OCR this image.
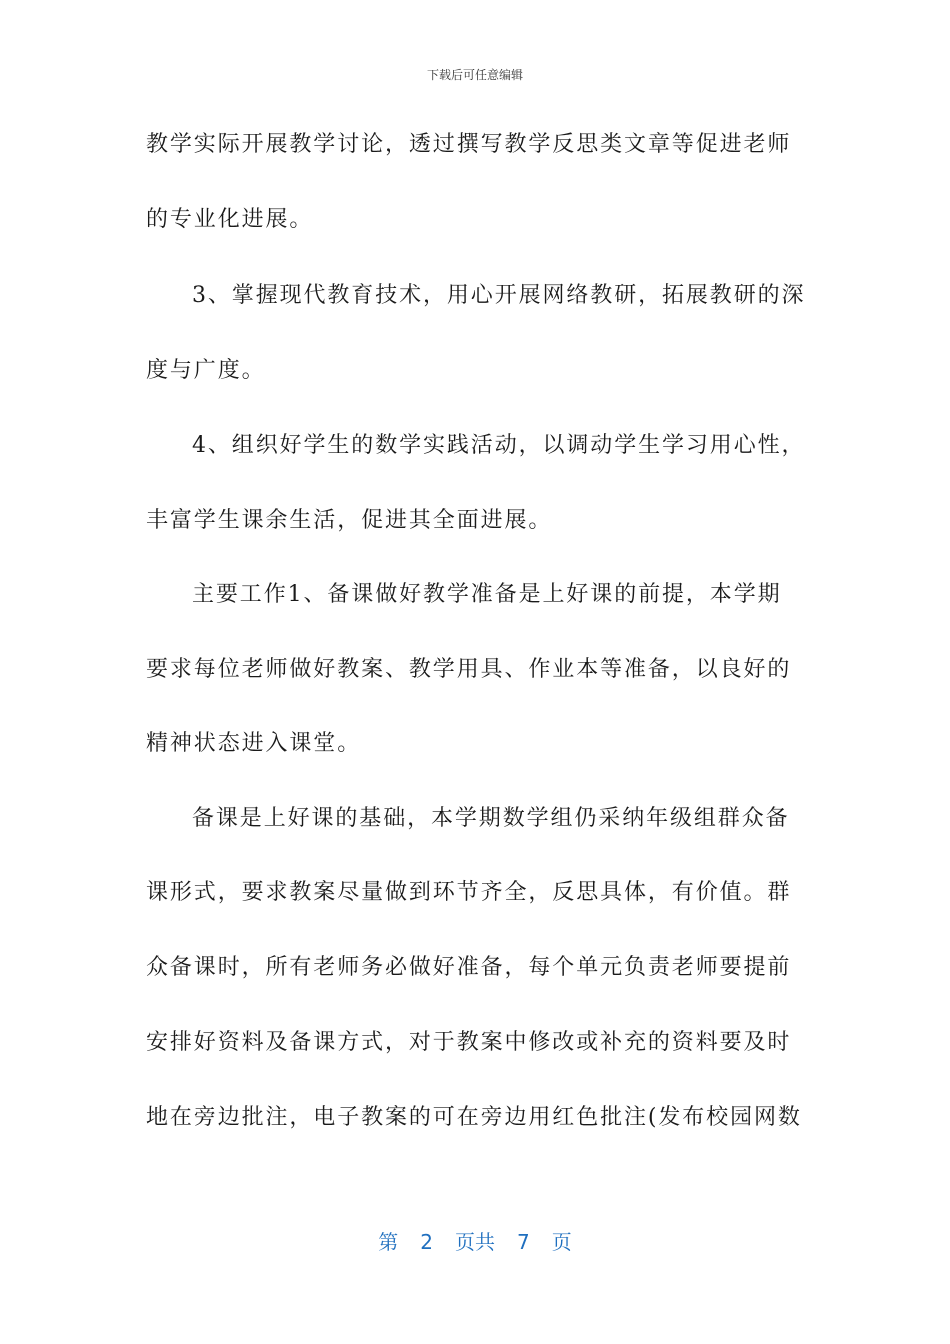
下载后可任意编辑
教学实际开展教学讨论，透过撰写教学反思类文章等促进老师
的专业化进展。
3、掌握现代教育技术，用心开展网络教研，拓展教研的深
度与广度。
4、组织好学生的数学实践活动，以调动学生学习用心性，
丰富学生课余生活，促进其全面进展。
主要工作1、备课做好教学准备是上好课的前提，本学期
要求每位老师做好教案、教学用具、作业本等准备，以良好的
精神状态进入课堂。
备课是上好课的基础，本学期数学组仍采纳年级组群众备
课形式，要求教案尽量做到环节齐全，反思具体，有价值。群
众备课时，所有老师务必做好准备，每个单元负责老师要提前
安排好资料及备课方式，对于教案中修改或补充的资料要及时
地在旁边批注，电子教案的可在旁边用红色批注(发布校园网数
第 2 页共 7 页
